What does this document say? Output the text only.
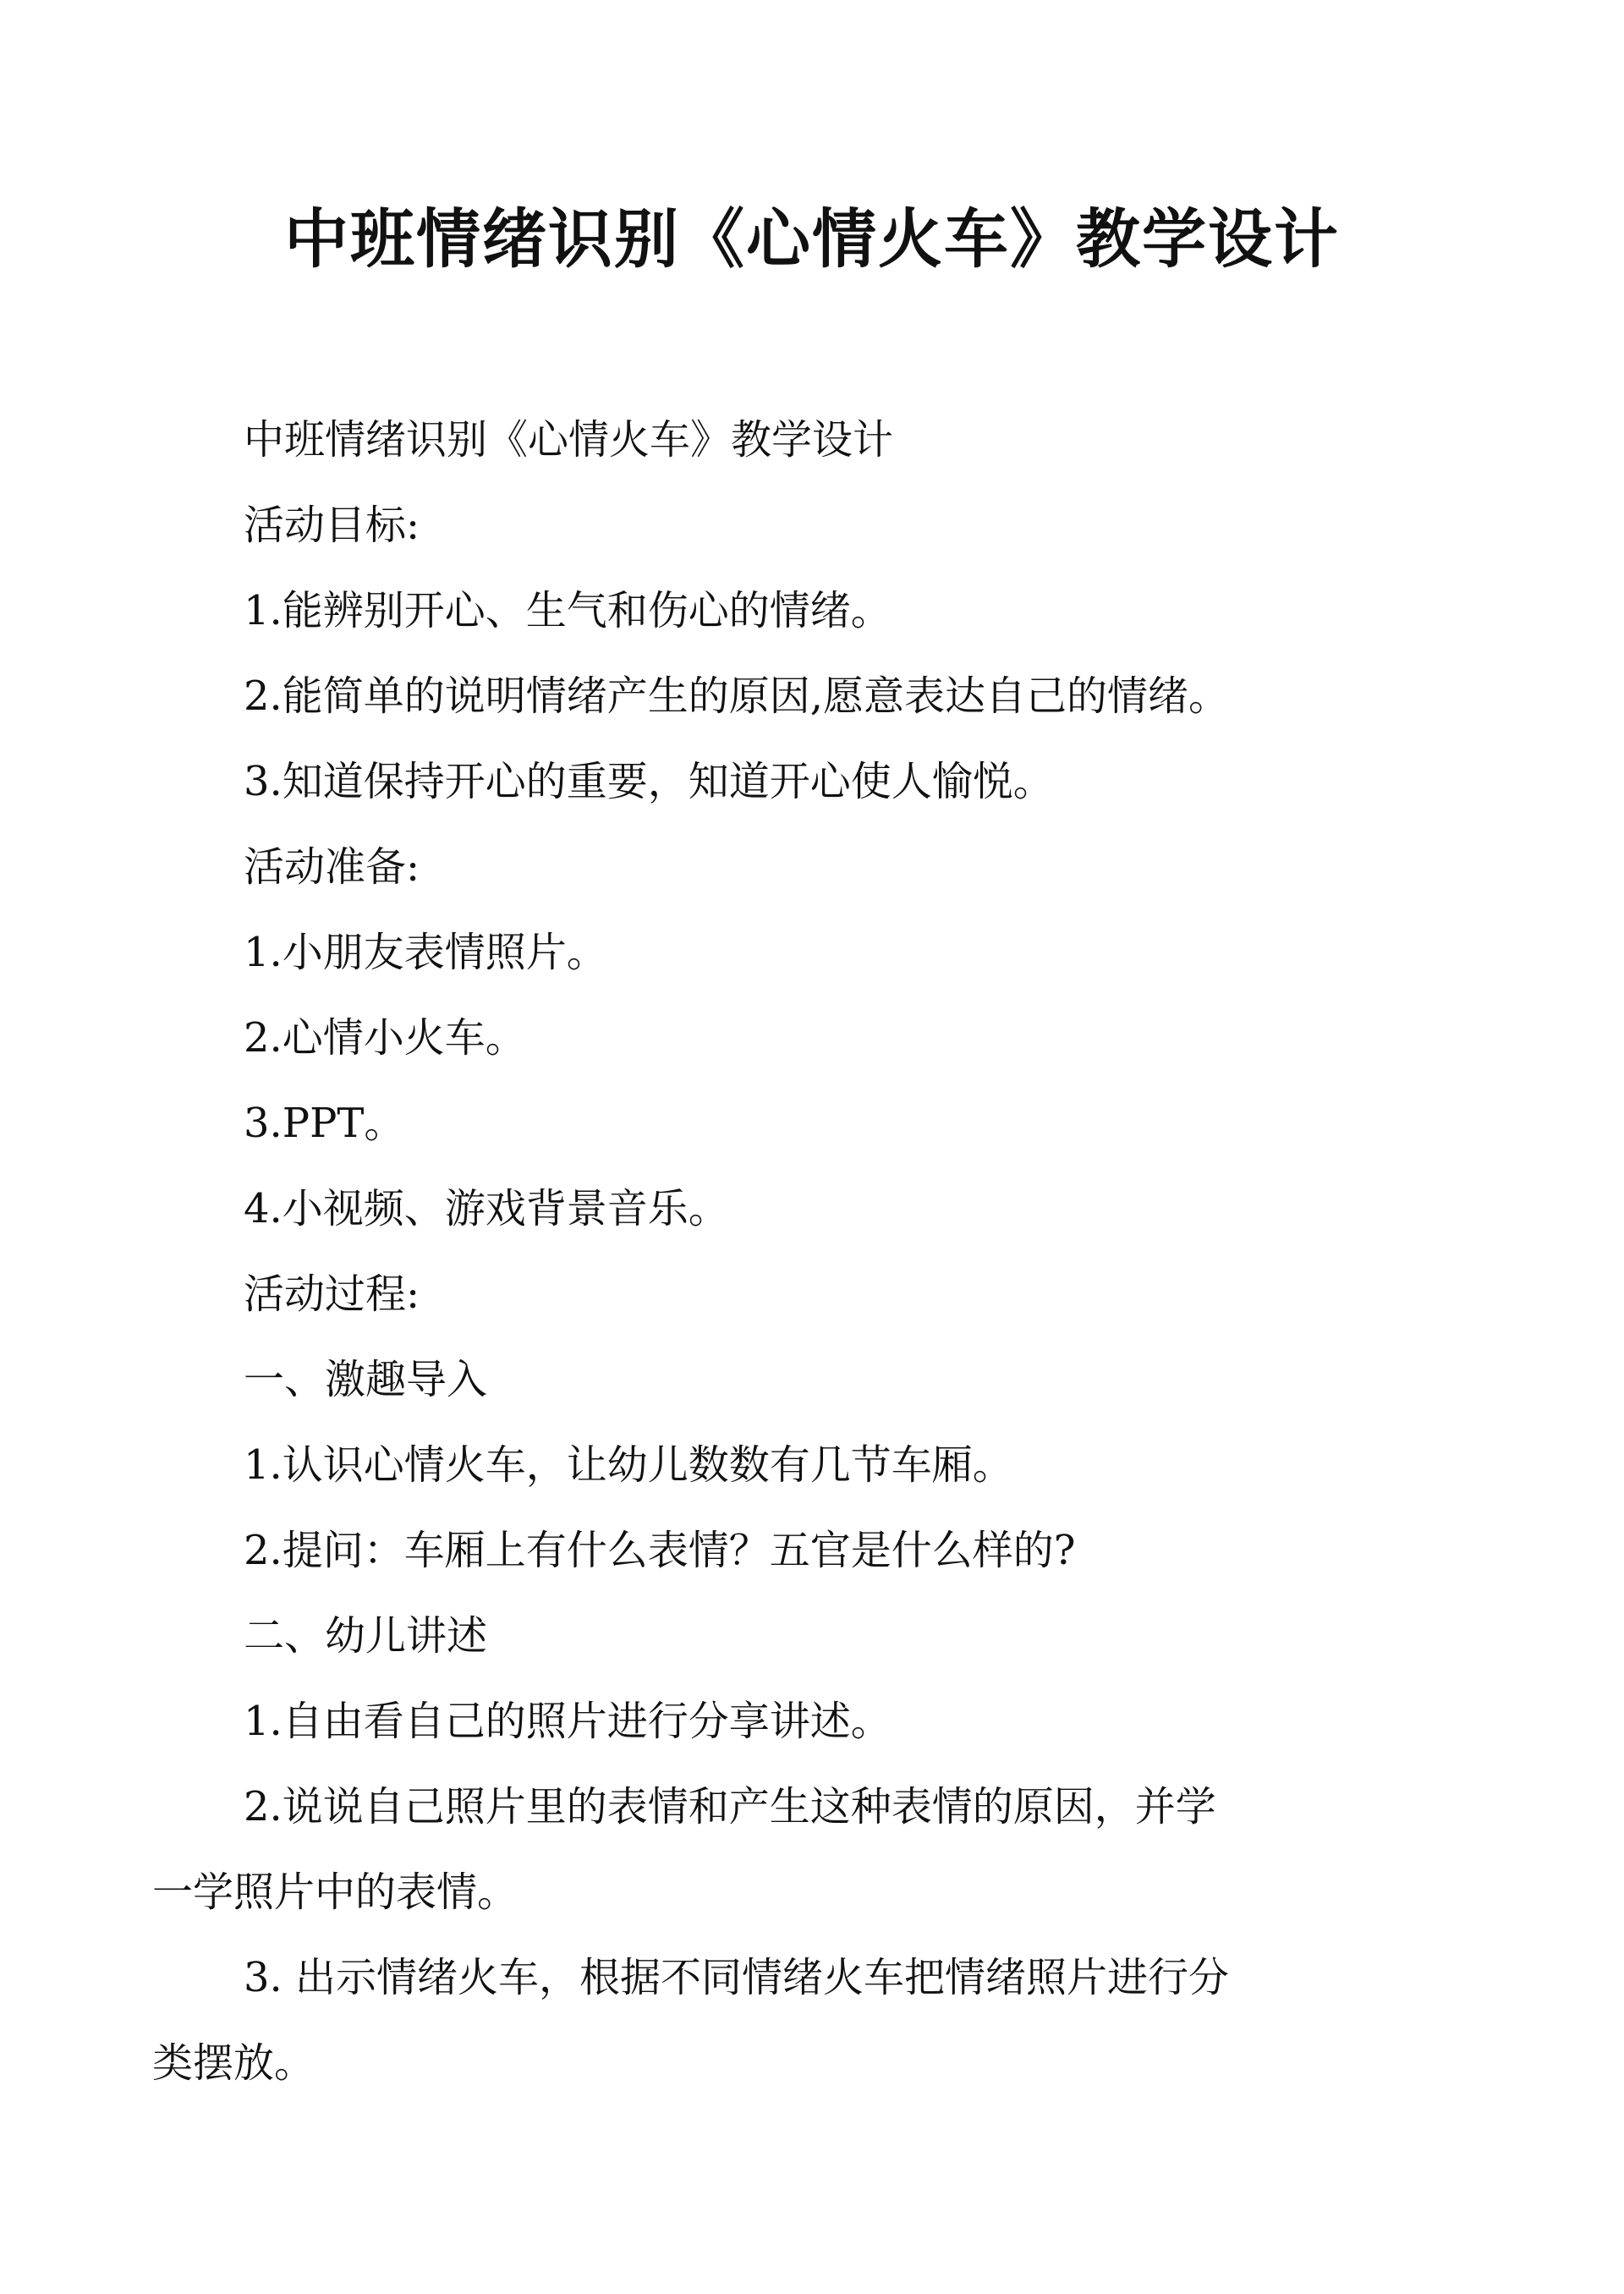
中班情绪识别《心情火车》教学设计

中班情绪识别《心情火车》教学设计

活动目标:

1.能辨别开心、生气和伤心的情绪。

2.能简单的说明情绪产生的原因,愿意表达自己的情绪。

3.知道保持开心的重要，知道开心使人愉悦。

活动准备:

1.小朋友表情照片。

2.心情小火车。

3.PPT。

4.小视频、游戏背景音乐。

活动过程:

一、激趣导入

1.认识心情火车，让幼儿数数有几节车厢。

2.提问：车厢上有什么表情？五官是什么样的?

二、幼儿讲述

1.自由看自己的照片进行分享讲述。

2.说说自己照片里的表情和产生这种表情的原因，并学
一学照片中的表情。
3. 出示情绪火车，根据不同情绪火车把情绪照片进行分
类摆放。
